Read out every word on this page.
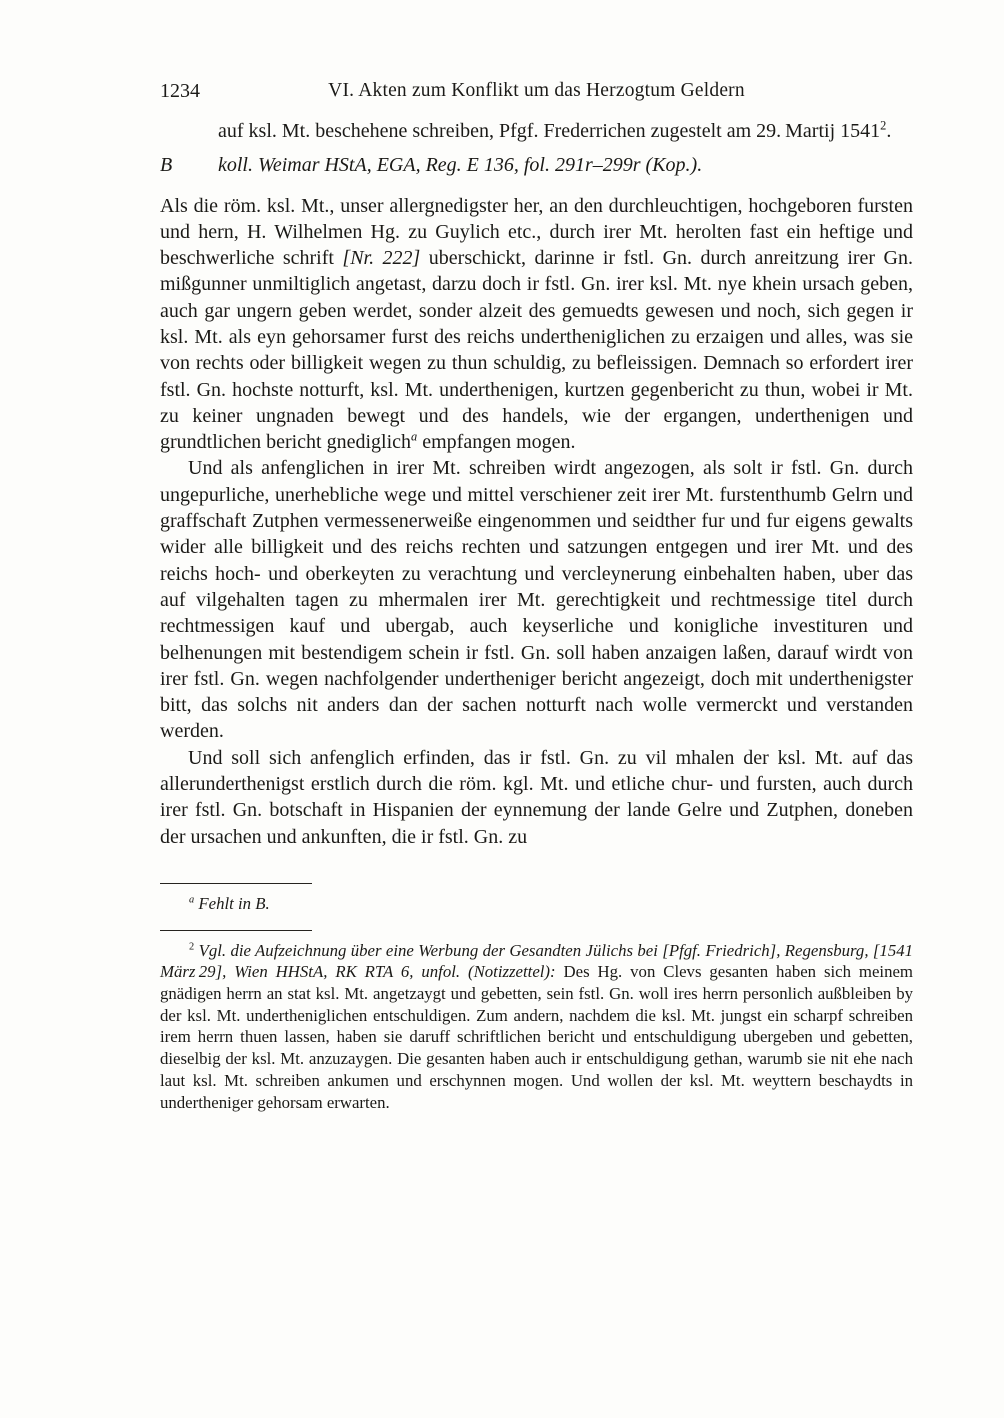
1234	VI. Akten zum Konflikt um das Herzogtum Geldern

auf ksl. Mt. beschehene schreiben, Pfgf. Frederrichen zugestelt am 29. Martij 1541$^2$.

B koll. Weimar HStA, EGA, Reg. E 136, fol. 291r–299r (Kop.).

Als die röm. ksl. Mt., unser allergnedigster her, an den durchleuchtigen, hochgeboren fursten und hern, H. Wilhelmen Hg. zu Guylich etc., durch irer Mt. herolten fast ein heftige und beschwerliche schrift [Nr. 222] uberschickt, darinne ir fstl. Gn. durch anreitzung irer Gn. mißgunner unmiltiglich angetast, darzu doch ir fstl. Gn. irer ksl. Mt. nye khein ursach geben, auch gar ungern geben werdet, sonder alzeit des gemuedts gewesen und noch, sich gegen ir ksl. Mt. als eyn gehorsamer furst des reichs undertheniglichen zu erzaigen und alles, was sie von rechts oder billigkeit wegen zu thun schuldig, zu befleissigen. Demnach so erfordert irer fstl. Gn. hochste notturft, ksl. Mt. underthenigen, kurtzen gegenbericht zu thun, wobei ir Mt. zu keiner ungnaden bewegt und des handels, wie der ergangen, underthenigen und grundtlichen bericht gnediglich$^a$ empfangen mogen.

Und als anfenglichen in irer Mt. schreiben wirdt angezogen, als solt ir fstl. Gn. durch ungepurliche, unerhebliche wege und mittel verschiener zeit irer Mt. furstenthumb Gelrn und graffschaft Zutphen vermessenerweiße eingenommen und seidther fur und fur eigens gewalts wider alle billigkeit und des reichs rechten und satzungen entgegen und irer Mt. und des reichs hoch- und oberkeyten zu verachtung und vercleynerung einbehalten haben, uber das auf vilgehalten tagen zu mhermalen irer Mt. gerechtigkeit und rechtmessige titel durch rechtmessigen kauf und ubergab, auch keyserliche und konigliche investituren und belhenungen mit bestendigem schein ir fstl. Gn. soll haben anzaigen laßen, darauf wirdt von irer fstl. Gn. wegen nachfolgender undertheniger bericht angezeigt, doch mit underthenigster bitt, das solchs nit anders dan der sachen notturft nach wolle vermerckt und verstanden werden.

Und soll sich anfenglich erfinden, das ir fstl. Gn. zu vil mhalen der ksl. Mt. auf das allerunderthenigst erstlich durch die röm. kgl. Mt. und etliche chur- und fursten, auch durch irer fstl. Gn. botschaft in Hispanien der eynnemung der lande Gelre und Zutphen, doneben der ursachen und ankunften, die ir fstl. Gn. zu

$^a$ Fehlt in B.

$^2$ Vgl. die Aufzeichnung über eine Werbung der Gesandten Jülichs bei [Pfgf. Friedrich], Regensburg, [1541 März 29], Wien HHStA, RK RTA 6, unfol. (Notizzettel): Des Hg. von Clevs gesanten haben sich meinem gnädigen herrn an stat ksl. Mt. angetzaygt und gebetten, sein fstl. Gn. woll ires herrn personlich außbleiben by der ksl. Mt. undertheniglichen entschuldigen. Zum andern, nachdem die ksl. Mt. jungst ein scharpf schreiben irem herrn thuen lassen, haben sie daruff schriftlichen bericht und entschuldigung ubergeben und gebetten, dieselbig der ksl. Mt. anzuzaygen. Die gesanten haben auch ir entschuldigung gethan, warumb sie nit ehe nach laut ksl. Mt. schreiben ankumen und erschynnen mogen. Und wollen der ksl. Mt. weyttern beschaydts in undertheniger gehorsam erwarten.
